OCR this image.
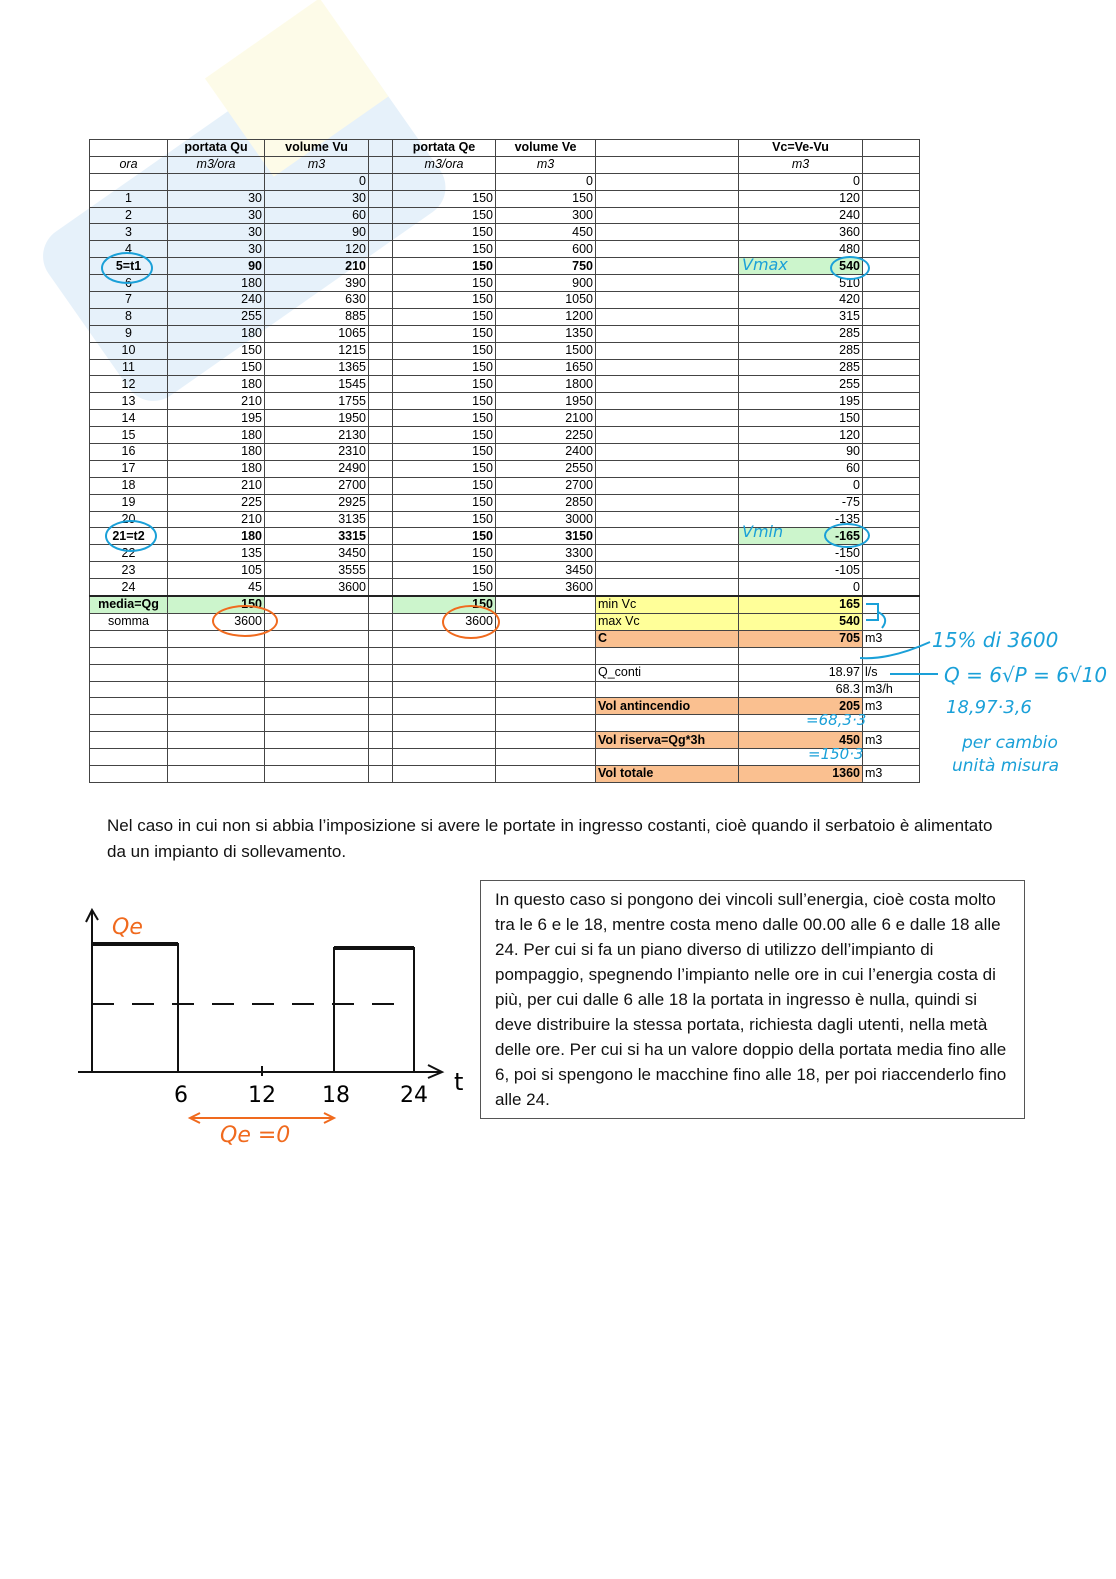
	portata Qu	volume Vu		portata Qe	volume Ve		Vc=Ve-Vu	
ora	m3/ora	m3		m3/ora	m3		m3	
		0			0		0	
1	30	30		150	150		120	
2	30	60		150	300		240	
3	30	90		150	450		360	
4	30	120		150	600		480	
5=t1	90	210		150	750		540	
6	180	390		150	900		510	
7	240	630		150	1050		420	
8	255	885		150	1200		315	
9	180	1065		150	1350		285	
10	150	1215		150	1500		285	
11	150	1365		150	1650		285	
12	180	1545		150	1800		255	
13	210	1755		150	1950		195	
14	195	1950		150	2100		150	
15	180	2130		150	2250		120	
16	180	2310		150	2400		90	
17	180	2490		150	2550		60	
18	210	2700		150	2700		0	
19	225	2925		150	2850		-75	
20	210	3135		150	3000		-135	
21=t2	180	3315		150	3150		-165	
22	135	3450		150	3300		-150	
23	105	3555		150	3450		-105	
24	45	3600		150	3600		0	
media=Qg	150			150		min Vc	165	
somma	3600			3600		max Vc	540	
						C	705	m3

						Q_conti	18.97	l/s
							68.3	m3/h
						Vol antincendio	205	m3

						Vol riserva=Qg*3h	450	m3

						Vol totale	1360	m3
Vmax
Vmin
15% di 3600
Q = 6√P = 6√10
18,97·3,6
per cambio
unità misura
=68,3·3
=150·3

Nel caso in cui non si abbia l’imposizione si avere le portate in ingresso costanti, cioè quando il serbatoio è alimentato da un impianto di sollevamento.

Qe
t
6	12 18 24
Qe =0
In questo caso si pongono dei vincoli sull’energia, cioè costa molto tra le 6 e le 18, mentre costa meno dalle 00.00 alle 6 e dalle 18 alle 24. Per cui si fa un piano diverso di utilizzo dell’impianto di pompaggio, spegnendo l’impianto nelle ore in cui l’energia costa di più, per cui dalle 6 alle 18 la portata in ingresso è nulla, quindi si deve distribuire la stessa portata, richiesta dagli utenti, nella metà delle ore. Per cui si ha un valore doppio della portata media fino alle 6, poi si spengono le macchine fino alle 18, per poi riaccenderlo fino alle 24.
